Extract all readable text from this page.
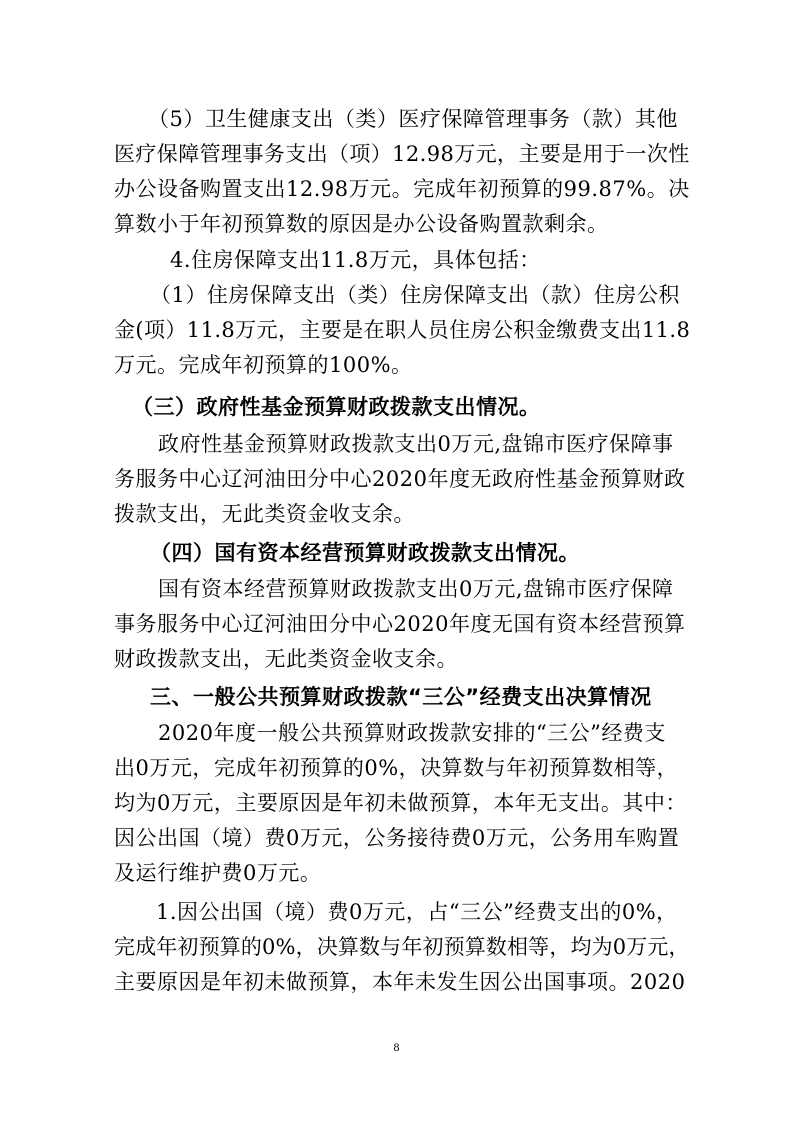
（5）卫生健康支出（类）医疗保障管理事务（款）其他
医疗保障管理事务支出（项）12.98万元，主要是用于一次性
办公设备购置支出12.98万元。完成年初预算的99.87%。决
算数小于年初预算数的原因是办公设备购置款剩余。
4.住房保障支出11.8万元，具体包括：
（1）住房保障支出（类）住房保障支出（款）住房公积
金(项）11.8万元，主要是在职人员住房公积金缴费支出11.8
万元。完成年初预算的100%。
（三）政府性基金预算财政拨款支出情况。
政府性基金预算财政拨款支出0万元,盘锦市医疗保障事
务服务中心辽河油田分中心2020年度无政府性基金预算财政
拨款支出，无此类资金收支余。
（四）国有资本经营预算财政拨款支出情况。
国有资本经营预算财政拨款支出0万元,盘锦市医疗保障
事务服务中心辽河油田分中心2020年度无国有资本经营预算
财政拨款支出，无此类资金收支余。
三、一般公共预算财政拨款“三公”经费支出决算情况
2020年度一般公共预算财政拨款安排的“三公”经费支
出0万元，完成年初预算的0%，决算数与年初预算数相等，
均为0万元，主要原因是年初未做预算，本年无支出。其中：
因公出国（境）费0万元，公务接待费0万元，公务用车购置
及运行维护费0万元。
1.因公出国（境）费0万元，占“三公”经费支出的0%，
完成年初预算的0%，决算数与年初预算数相等，均为0万元，
主要原因是年初未做预算，本年未发生因公出国事项。2020
8
